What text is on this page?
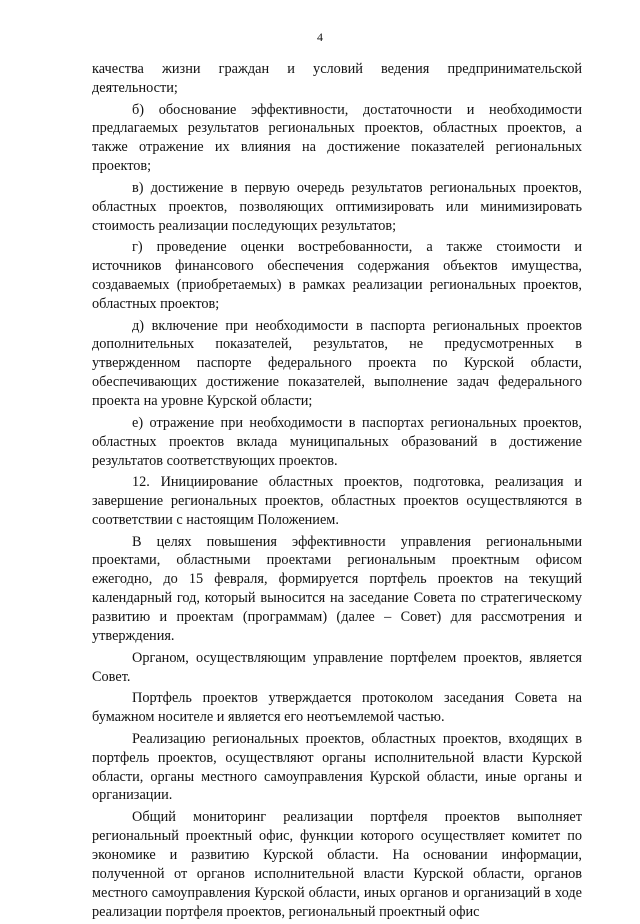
4

качества жизни граждан и условий ведения предпринимательской деятельности;

б) обоснование эффективности, достаточности и необходимости предлагаемых результатов региональных проектов, областных проектов, а также отражение их влияния на достижение показателей региональных проектов;

в) достижение в первую очередь результатов региональных проектов, областных проектов, позволяющих оптимизировать или минимизировать стоимость реализации последующих результатов;

г) проведение оценки востребованности, а также стоимости и источников финансового обеспечения содержания объектов имущества, создаваемых (приобретаемых) в рамках реализации региональных проектов, областных проектов;

д) включение при необходимости в паспорта региональных проектов дополнительных показателей, результатов, не предусмотренных в утвержденном паспорте федерального проекта по Курской области, обеспечивающих достижение показателей, выполнение задач федерального проекта на уровне Курской области;

е) отражение при необходимости в паспортах региональных проектов, областных проектов вклада муниципальных образований в достижение результатов соответствующих проектов.

12. Инициирование областных проектов, подготовка, реализация и завершение региональных проектов, областных проектов осуществляются в соответствии с настоящим Положением.

В целях повышения эффективности управления региональными проектами, областными проектами региональным проектным офисом ежегодно, до 15 февраля, формируется портфель проектов на текущий календарный год, который выносится на заседание Совета по стратегическому развитию и проектам (программам) (далее – Совет) для рассмотрения и утверждения.

Органом, осуществляющим управление портфелем проектов, является Совет.

Портфель проектов утверждается протоколом заседания Совета на бумажном носителе и является его неотъемлемой частью.

Реализацию региональных проектов, областных проектов, входящих в портфель проектов, осуществляют органы исполнительной власти Курской области, органы местного самоуправления Курской области, иные органы и организации.

Общий мониторинг реализации портфеля проектов выполняет региональный проектный офис, функции которого осуществляет комитет по экономике и развитию Курской области. На основании информации, полученной от органов исполнительной власти Курской области, органов местного самоуправления Курской области, иных органов и организаций в ходе реализации портфеля проектов, региональный проектный офис
